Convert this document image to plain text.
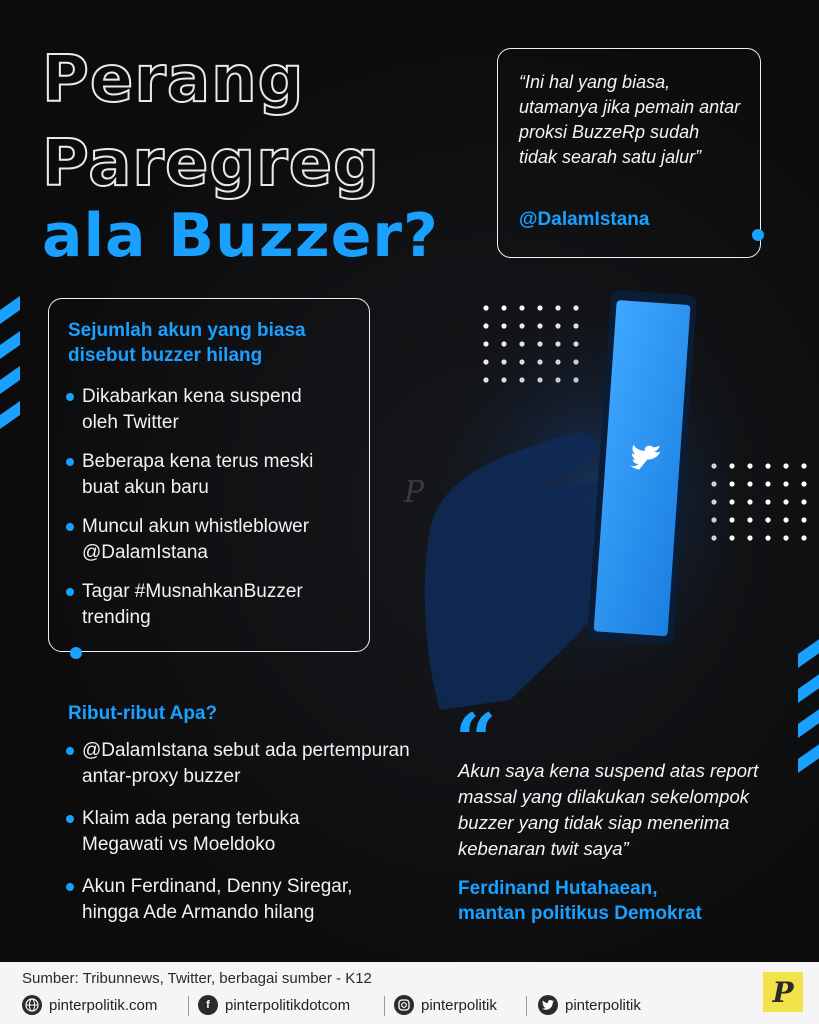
Perang
Paregreg
ala Buzzer?
“Ini hal yang biasa, utamanya jika pemain antar proksi BuzzeRp sudah tidak searah satu jalur”
@DalamIstana
P
Sejumlah akun yang biasa disebut buzzer hilang
Dikabarkan kena suspend oleh Twitter
Beberapa kena terus meski buat akun baru
Muncul akun whistleblower @DalamIstana
Tagar #MusnahkanBuzzer trending
Ribut-ribut Apa?
@DalamIstana sebut ada pertempuran antar-proxy buzzer
Klaim ada perang terbuka Megawati vs Moeldoko
Akun Ferdinand, Denny Siregar, hingga Ade Armando hilang
“
Akun saya kena suspend atas report massal yang dilakukan sekelompok buzzer yang tidak siap menerima kebenaran twit saya”
Ferdinand Hutahaean,
mantan politikus Demokrat
Sumber: Tribunnews, Twitter, berbagai sumber - K12
pinterpolitik.com	f	pinterpolitikdotcom	pinterpolitik	pinterpolitik	P
